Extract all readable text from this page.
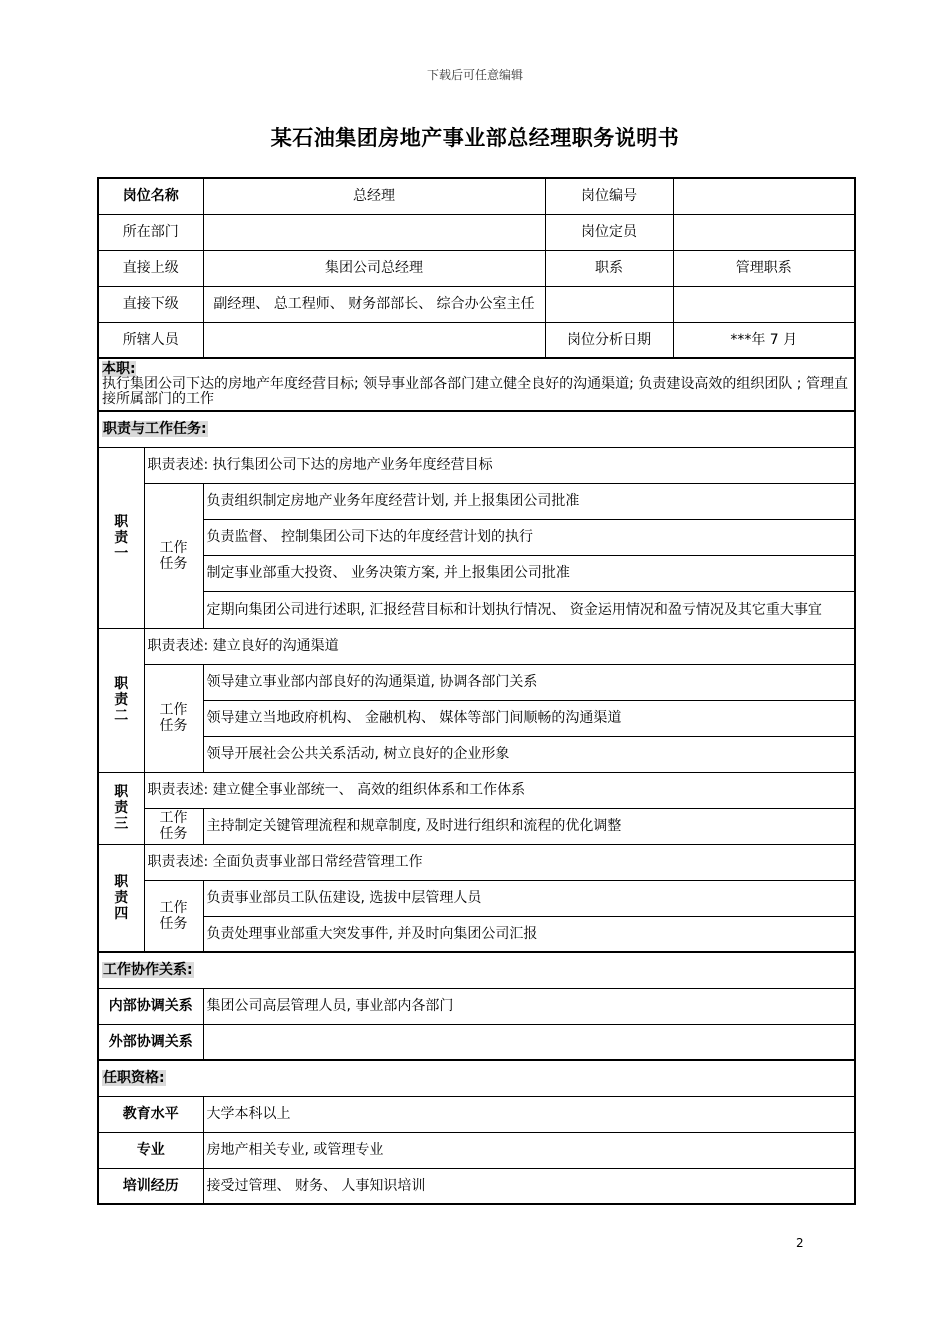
下载后可任意编辑
某石油集团房地产事业部总经理职务说明书
岗位名称		总经理	岗位编号	
所在部门			岗位定员	
直接上级		集团公司总经理	职系	管理职系
直接下级		副经理、 总工程师、 财务部部长、 综合办公室主任		
所辖人员			岗位分析日期	***年 7 月

本职:
执行集团公司下达的房地产年度经营目标; 领导事业部各部门建立健全良好的沟通渠道; 负责建设高效的组织团队 ; 管理直接所属部门的工作				

职责与工作任务:				

职责一	职责表述: 执行集团公司下达的房地产业务年度经营目标			

	工作任务	负责组织制定房地产业务年度经营计划, 并上报集团公司批准		
		负责监督、 控制集团公司下达的年度经营计划的执行		
		制定事业部重大投资、 业务决策方案, 并上报集团公司批准		
		定期向集团公司进行述职, 汇报经营目标和计划执行情况、 资金运用情况和盈亏情况及其它重大事宜		

职责二	职责表述: 建立良好的沟通渠道			

	工作任务	领导建立事业部内部良好的沟通渠道, 协调各部门关系		
		领导建立当地政府机构、 金融机构、 媒体等部门间顺畅的沟通渠道		
		领导开展社会公共关系活动, 树立良好的企业形象		

职责三	职责表述: 建立健全事业部统一、 高效的组织体系和工作体系			

	工作任务	主持制定关键管理流程和规章制度, 及时进行组织和流程的优化调整		

职责四	职责表述: 全面负责事业部日常经营管理工作			

	工作任务	负责事业部员工队伍建设, 选拔中层管理人员		
		负责处理事业部重大突发事件, 并及时向集团公司汇报		
工作协作关系:				
内部协调关系		集团公司高层管理人员, 事业部内各部门		
外部协调关系				
任职资格:				
教育水平		大学本科以上		
专业		房地产相关专业, 或管理专业		
培训经历		接受过管理、 财务、 人事知识培训		
2
